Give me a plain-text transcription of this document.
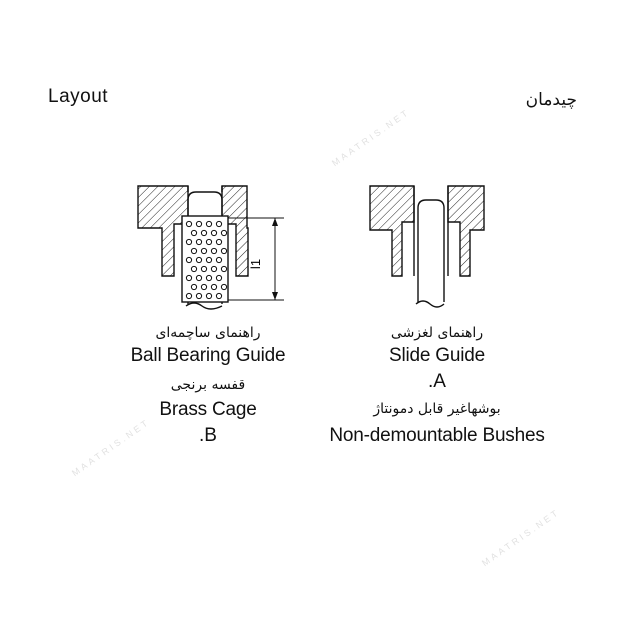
MAATRIS.NET
MAATRIS.NET
MAATRIS.NET
Layout	چیدمان
l1
راهنمای ساچمه‌ای
Ball Bearing Guide
قفسه برنجی
Brass Cage
.B
راهنمای لغزشی
Slide Guide
.A
بوشهاغیر قابل دمونتاژ
Non-demountable Bushes
